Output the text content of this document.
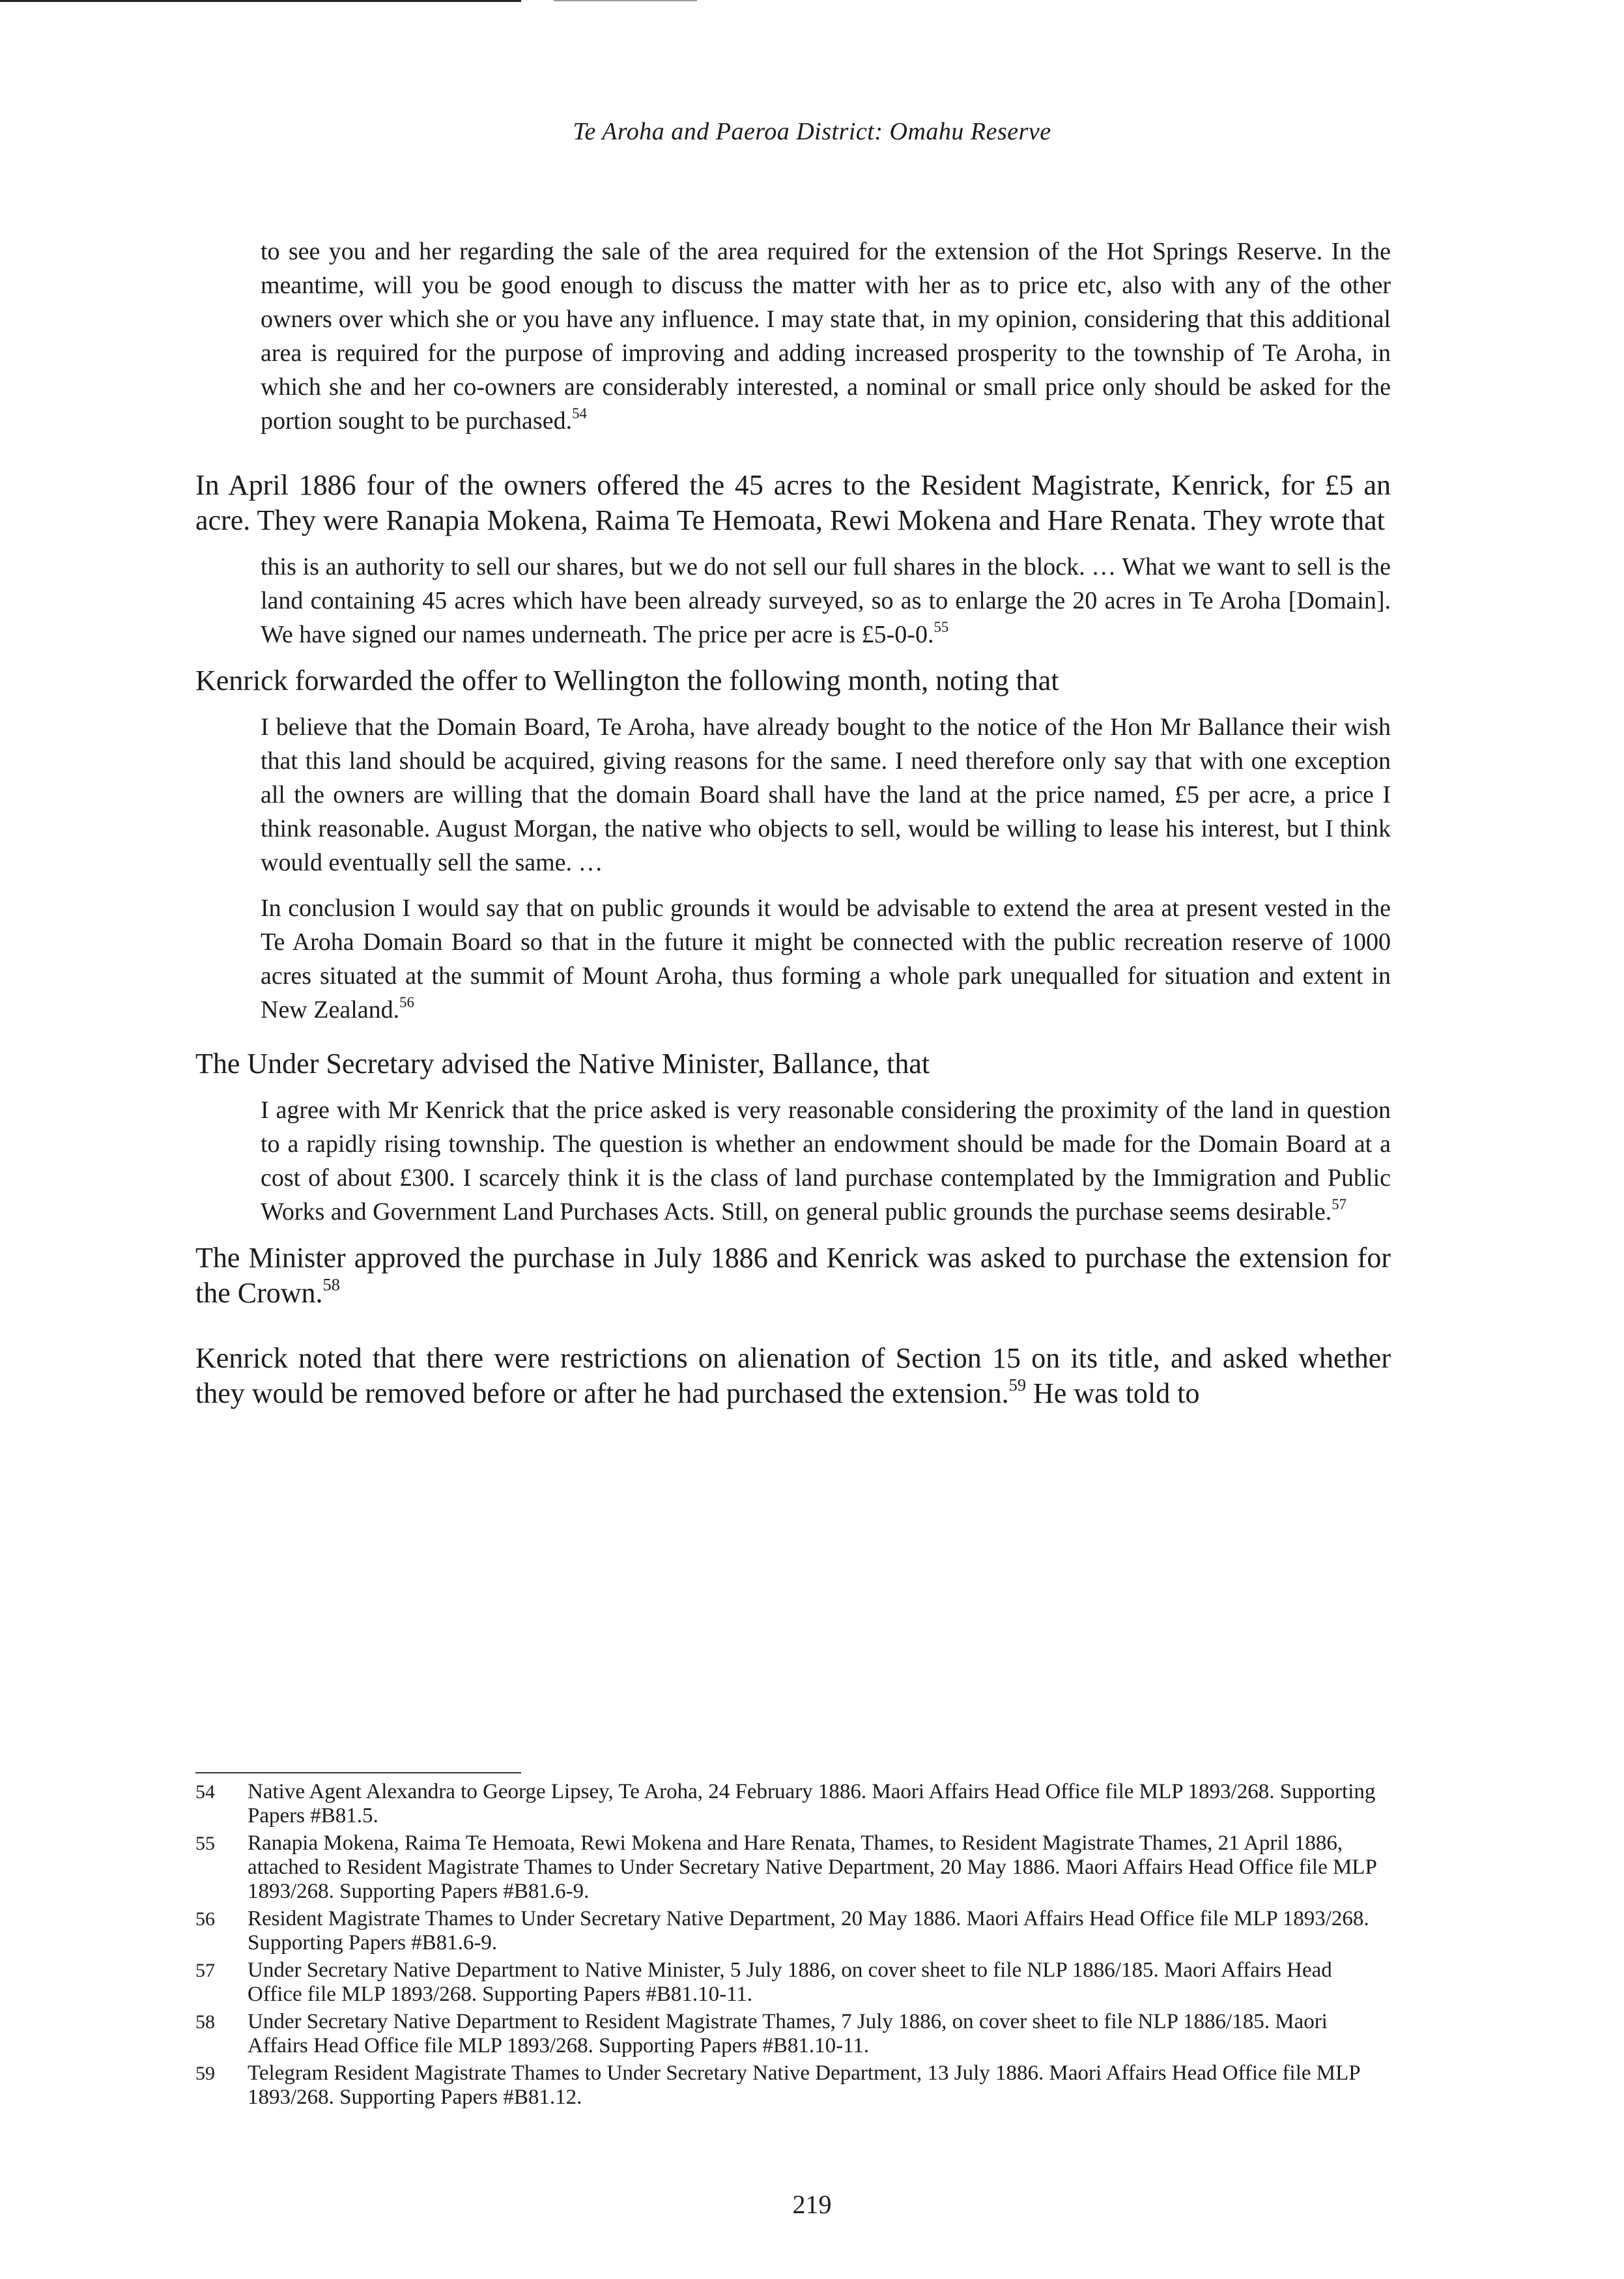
Te Aroha and Paeroa District: Omahu Reserve

to see you and her regarding the sale of the area required for the extension of the Hot Springs Reserve. In the meantime, will you be good enough to discuss the matter with her as to price etc, also with any of the other owners over which she or you have any influence. I may state that, in my opinion, considering that this additional area is required for the purpose of improving and adding increased prosperity to the township of Te Aroha, in which she and her co-owners are considerably interested, a nominal or small price only should be asked for the portion sought to be purchased.$^{54}$

In April 1886 four of the owners offered the 45 acres to the Resident Magistrate, Kenrick, for £5 an acre. They were Ranapia Mokena, Raima Te Hemoata, Rewi Mokena and Hare Renata. They wrote that

this is an authority to sell our shares, but we do not sell our full shares in the block. … What we want to sell is the land containing 45 acres which have been already surveyed, so as to enlarge the 20 acres in Te Aroha [Domain]. We have signed our names underneath. The price per acre is £5-0-0.55

Kenrick forwarded the offer to Wellington the following month, noting that

I believe that the Domain Board, Te Aroha, have already bought to the notice of the Hon Mr Ballance their wish that this land should be acquired, giving reasons for the same. I need therefore only say that with one exception all the owners are willing that the domain Board shall have the land at the price named, £5 per acre, a price I think reasonable. August Morgan, the native who objects to sell, would be willing to lease his interest, but I think would eventually sell the same. …

In conclusion I would say that on public grounds it would be advisable to extend the area at present vested in the Te Aroha Domain Board so that in the future it might be connected with the public recreation reserve of 1000 acres situated at the summit of Mount Aroha, thus forming a whole park unequalled for situation and extent in New Zealand.$^{56}$

The Under Secretary advised the Native Minister, Ballance, that

I agree with Mr Kenrick that the price asked is very reasonable considering the proximity of the land in question to a rapidly rising township. The question is whether an endowment should be made for the Domain Board at a cost of about £300. I scarcely think it is the class of land purchase contemplated by the Immigration and Public Works and Government Land Purchases Acts. Still, on general public grounds the purchase seems desirable.$^{57}$

The Minister approved the purchase in July 1886 and Kenrick was asked to purchase the extension for the Crown.$^{58}$

Kenrick noted that there were restrictions on alienation of Section 15 on its title, and asked whether they would be removed before or after he had purchased the extension.$^{59}$ He was told to

54	Native Agent Alexandra to George Lipsey, Te Aroha, 24 February 1886. Maori Affairs Head Office file MLP 1893/268. Supporting Papers #B81.5.
55	Ranapia Mokena, Raima Te Hemoata, Rewi Mokena and Hare Renata, Thames, to Resident Magistrate Thames, 21 April 1886, attached to Resident Magistrate Thames to Under Secretary Native Department, 20 May 1886. Maori Affairs Head Office file MLP 1893/268. Supporting Papers #B81.6-9.
56	Resident Magistrate Thames to Under Secretary Native Department, 20 May 1886. Maori Affairs Head Office file MLP 1893/268. Supporting Papers #B81.6-9.
57	Under Secretary Native Department to Native Minister, 5 July 1886, on cover sheet to file NLP 1886/185. Maori Affairs Head Office file MLP 1893/268. Supporting Papers #B81.10-11.
58	Under Secretary Native Department to Resident Magistrate Thames, 7 July 1886, on cover sheet to file NLP 1886/185. Maori Affairs Head Office file MLP 1893/268. Supporting Papers #B81.10-11.
59	Telegram Resident Magistrate Thames to Under Secretary Native Department, 13 July 1886. Maori Affairs Head Office file MLP 1893/268. Supporting Papers #B81.12.
219
